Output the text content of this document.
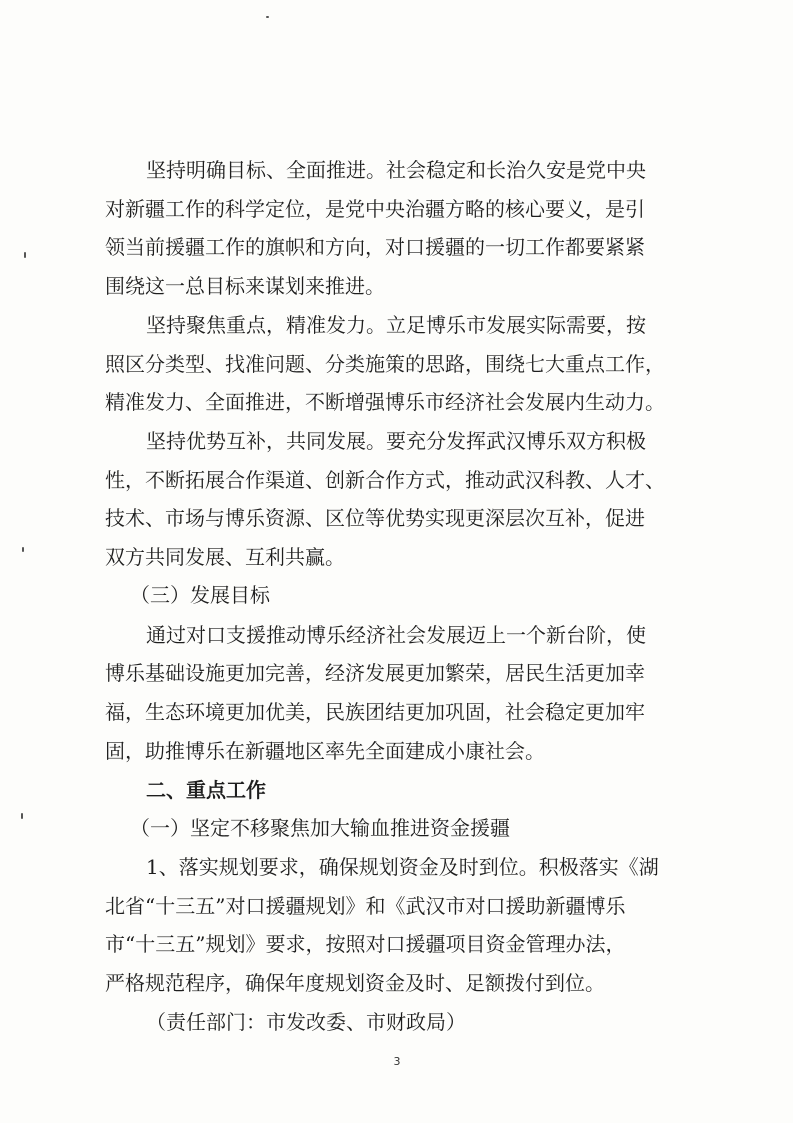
坚持明确目标、全面推进。社会稳定和长治久安是党中央
对新疆工作的科学定位，是党中央治疆方略的核心要义，是引
领当前援疆工作的旗帜和方向，对口援疆的一切工作都要紧紧
围绕这一总目标来谋划来推进。
坚持聚焦重点，精准发力。立足博乐市发展实际需要，按
照区分类型、找准问题、分类施策的思路，围绕七大重点工作，
精准发力、全面推进，不断增强博乐市经济社会发展内生动力。
坚持优势互补，共同发展。要充分发挥武汉博乐双方积极
性，不断拓展合作渠道、创新合作方式，推动武汉科教、人才、
技术、市场与博乐资源、区位等优势实现更深层次互补，促进
双方共同发展、互利共赢。
（三）发展目标
通过对口支援推动博乐经济社会发展迈上一个新台阶，使
博乐基础设施更加完善，经济发展更加繁荣，居民生活更加幸
福，生态环境更加优美，民族团结更加巩固，社会稳定更加牢
固，助推博乐在新疆地区率先全面建成小康社会。
二、重点工作
（一）坚定不移聚焦加大输血推进资金援疆
1、落实规划要求，确保规划资金及时到位。积极落实《湖
北省“十三五”对口援疆规划》和《武汉市对口援助新疆博乐
市“十三五”规划》要求，按照对口援疆项目资金管理办法，
严格规范程序，确保年度规划资金及时、足额拨付到位。
（责任部门：市发改委、市财政局）
3
